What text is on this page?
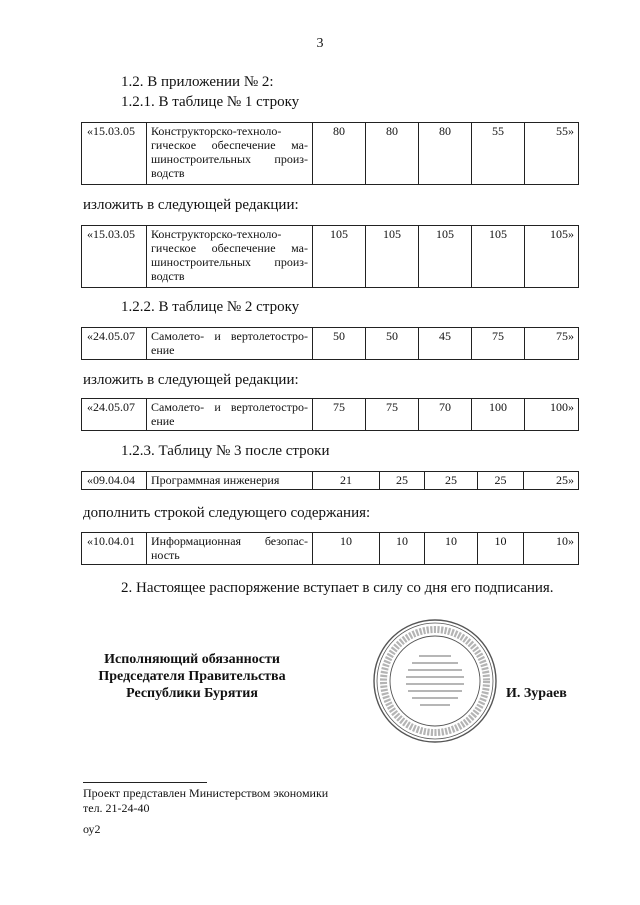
3
1.2. В приложении № 2:
1.2.1. В таблице № 1 строку
«15.03.05	Конструкторско-техноло-гическое обеспечение ма-шиностроительных произ-водств	80	80	80	55	55»
изложить в следующей редакции:
«15.03.05	Конструкторско-техноло-гическое обеспечение ма-шиностроительных произ-водств	105	105	105	105	105»
1.2.2. В таблице № 2 строку
«24.05.07	Самолето- и вертолетостро-ение	50	50	45	75	75»
изложить в следующей редакции:
«24.05.07	Самолето- и вертолетостро-ение	75	75	70	100	100»
1.2.3. Таблицу № 3 после строки
«09.04.04	Программная инженерия	21	25	25	25	25»
дополнить строкой следующего содержания:
«10.04.01	Информационная безопас-ность	10	10	10	10	10»
2. Настоящее распоряжение вступает в силу со дня его подписания.
Исполняющий обязанности
Председателя Правительства
Республики Бурятия	И. Зураев
Проект представлен Министерством экономики
тел. 21-24-40
оу2
